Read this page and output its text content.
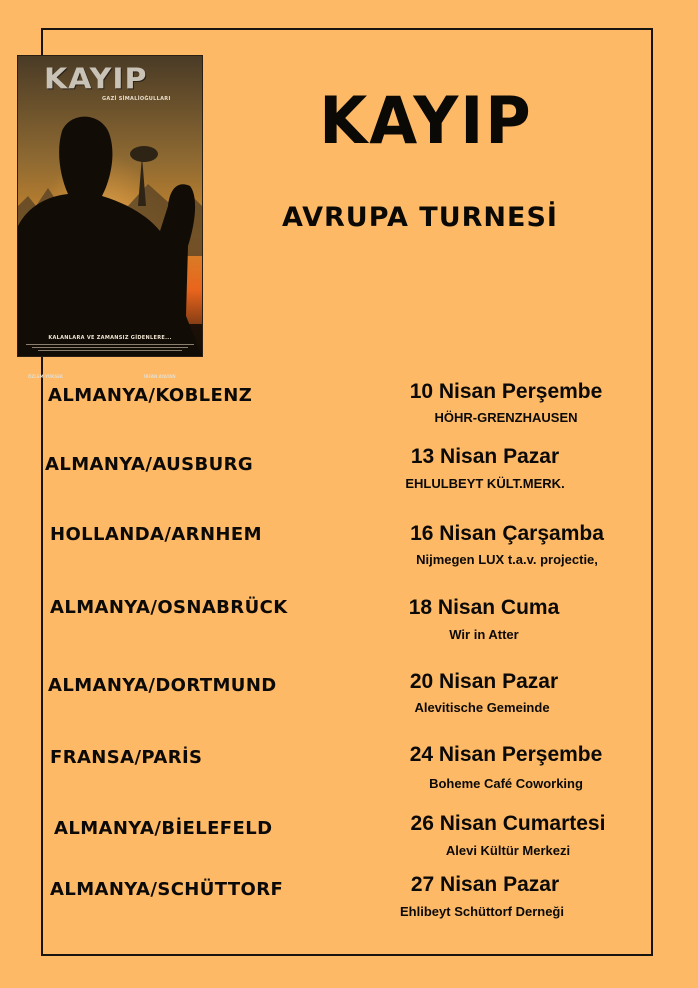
KAYIP
GAZİ SİMALİOĞULLARI
KALANLARA VE ZAMANSIZ GİDENLERE...
ÖZLEM YÜKSEK	İRFAN AYATAN
KAYIP
AVRUPA TURNESİ
ALMANYA/KOBLENZ	10 Nisan Perşembe
HÖHR-GRENZHAUSEN
ALMANYA/AUSBURG	13 Nisan Pazar
EHLULBEYT KÜLT.MERK.
HOLLANDA/ARNHEM	16 Nisan Çarşamba
Nijmegen LUX t.a.v. projectie,
ALMANYA/OSNABRÜCK	18 Nisan Cuma
Wir in Atter
ALMANYA/DORTMUND	20 Nisan Pazar
Alevitische Gemeinde
FRANSA/PARİS	24 Nisan Perşembe
Boheme Café Coworking
ALMANYA/BİELEFELD	26 Nisan Cumartesi
Alevi Kültür Merkezi
ALMANYA/SCHÜTTORF	27 Nisan Pazar
Ehlibeyt Schüttorf Derneği
